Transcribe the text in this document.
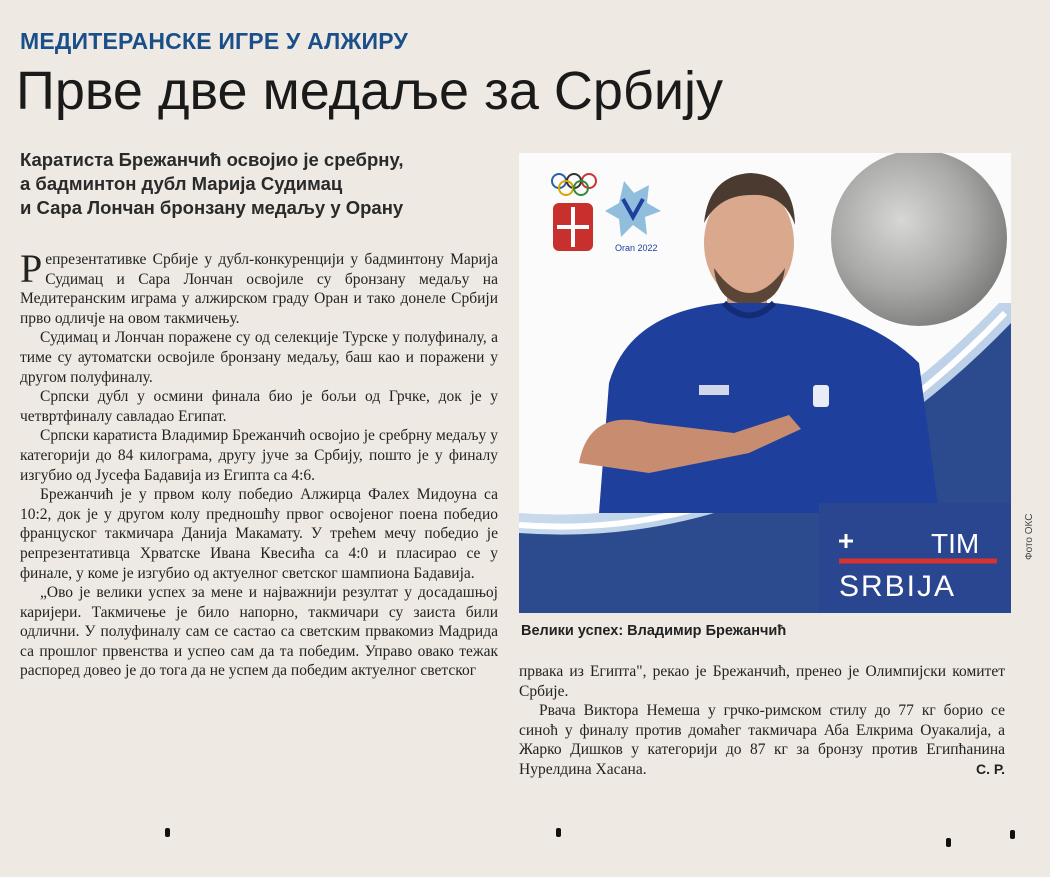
МЕДИТЕРАНСКЕ ИГРЕ У АЛЖИРУ
Прве две медаље за Србију
Каратиста Брежанчић освојио је сребрну,
а бадминтон дубл Марија Судимац
и Сара Лончан бронзану медаљу у Орану

Репрезентативке Србије у дубл-конкуренцији у бадминтону Марија Судимац и Сара Лончан освојиле су бронзану медаљу на Медитеранским играма у алжирском граду Оран и тако донеле Србији прво одличје на овом такмичењу.

Судимац и Лончан поражене су од селекције Турске у полуфиналу, а тиме су аутоматски освојиле бронзану медаљу, баш као и поражени у другом полуфиналу.

Српски дубл у осмини финала био је бољи од Грчке, док је у четвртфиналу савладао Египат.

Српски каратиста Владимир Брежанчић освојио је сребрну медаљу у категорији до 84 килограма, другу јуче за Србију, пошто је у финалу изгубио од Јусефа Бадавија из Египта са 4:6.

Брежанчић је у првом колу победио Алжирца Фалех Мидоуна са 10:2, док је у другом колу предношћу првог освојеног поена победио француског такмичара Данија Макамату. У трећем мечу победио је репрезентативца Хрватске Ивана Квесића са 4:0 и пласирао се у финале, у коме је изгубио од актуелног светског шампиона Бадавија.

„Ово је велики успех за мене и најважнији резултат у досадашњој каријери. Такмичење је било напорно, такмичари су заиста били одлични. У полуфиналу сам се састао са светским првакомиз Мадрида са прошлог првенства и успео сам да та победим. Управо овако тежак распоред довео је до тога да не успем да победим актуелног светског

Oran 2022
TIM
SRBIJA
Фото ОКС
Велики успех: Владимир Брежанчић

првака из Египта", рекао је Брежанчић, пренео је Олимпијски комитет Србије.

Рвача Виктора Немеша у грчко-римском стилу до 77 кг борио се синоћ у финалу против домаћег такмичара Аба Елкрима Оуакалија, а Жарко Дишков у категорији до 87 кг за бронзу против Египћанина Нурелдина Хасана.	С. Р.
